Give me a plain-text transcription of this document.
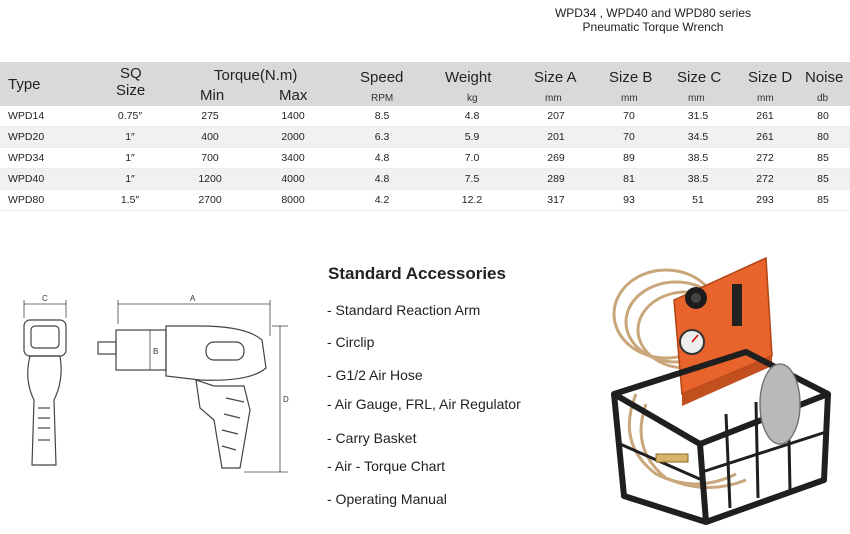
WPD34 , WPD40 and WPD80 series
Pneumatic Torque Wrench
Type
SQ
Size
Torque(N.m)
Min	Max
Speed
RPM
Weight
kg
Size A
mm
Size B
mm
Size C
mm
Size D
mm
Noise
db
WPD14	0.75″	275	1400	8.5	4.8	207	70	31.5	261	80
WPD20	1″	400	2000	6.3	5.9	201	70	34.5	261	80
WPD34	1″	700	3400	4.8	7.0	269	89	38.5	272	85
WPD40	1″	1200	4000	4.8	7.5	289	81	38.5	272	85
WPD80	1.5″	2700	8000	4.2	12.2	317	93	51	293	85
C	A
B
D
Standard Accessories
- Standard Reaction Arm
- Circlip
- G1/2 Air Hose
- Air Gauge, FRL, Air Regulator
- Carry Basket
- Air - Torque Chart
- Operating Manual
